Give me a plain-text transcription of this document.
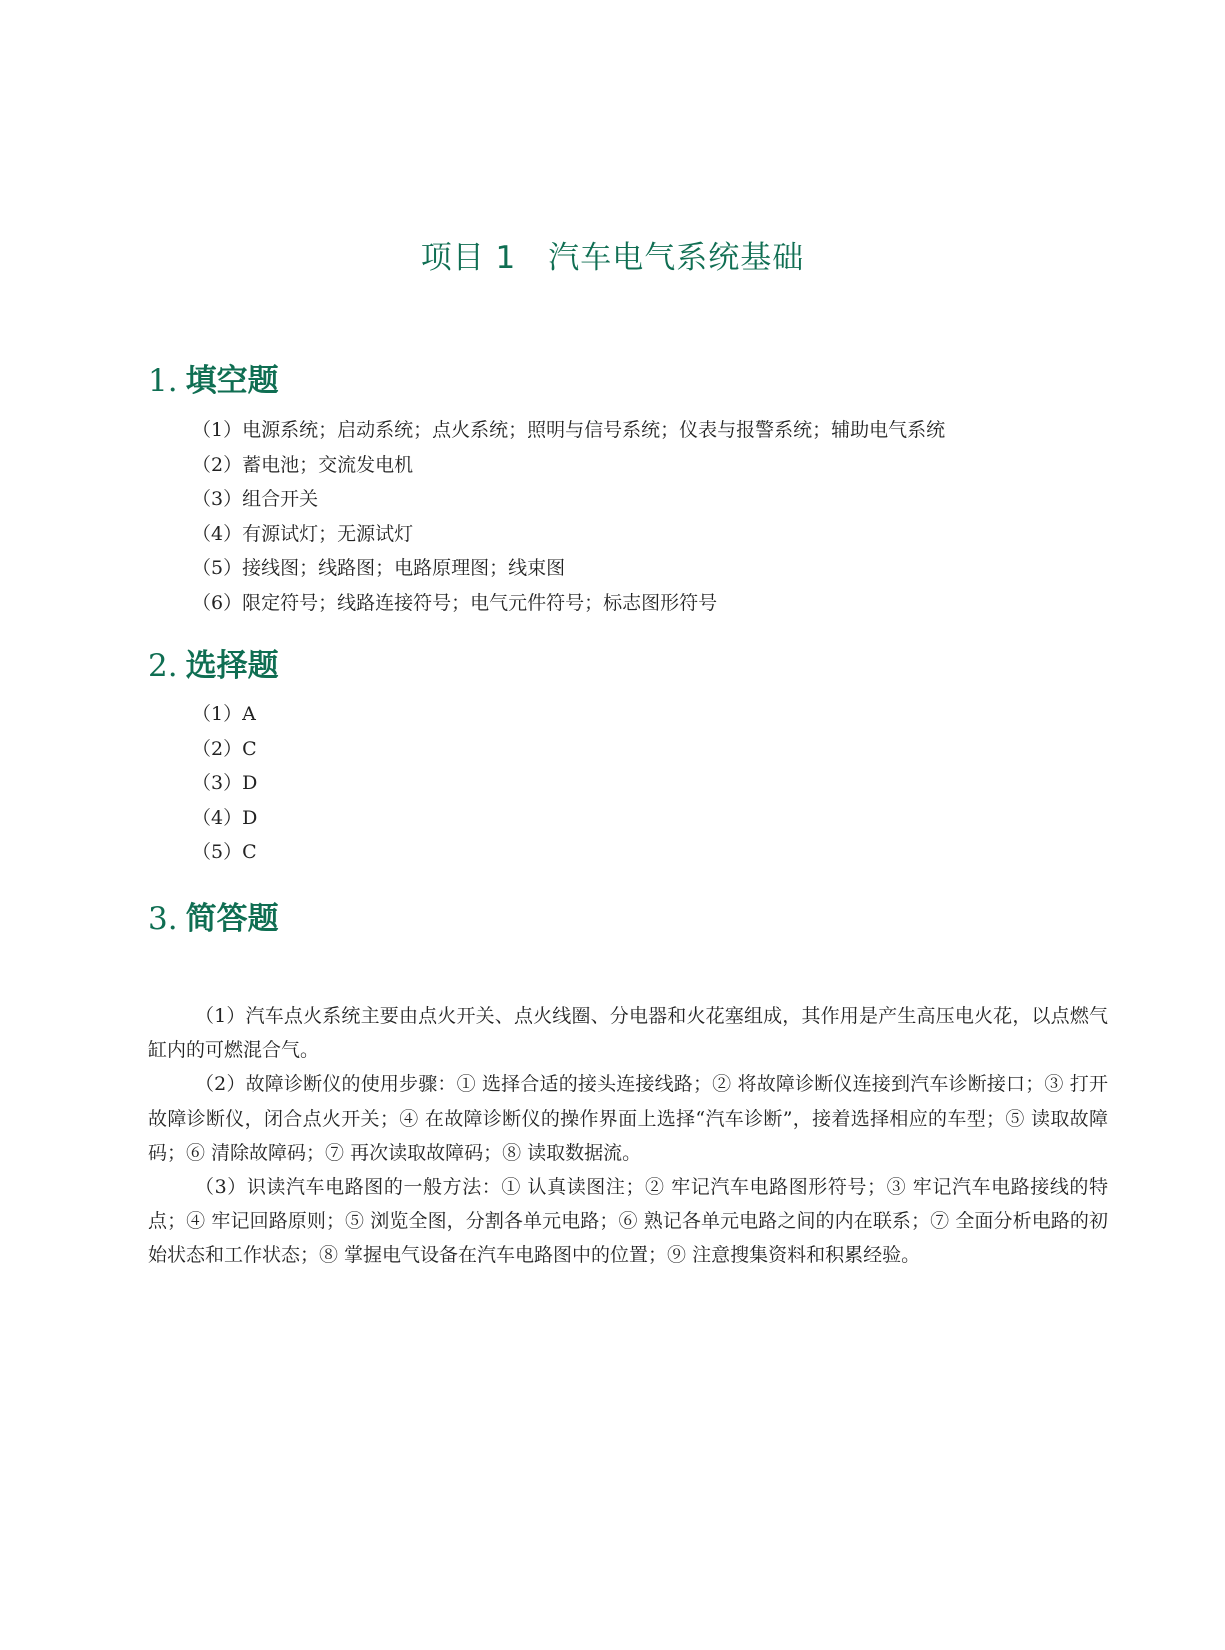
项目 1　汽车电气系统基础
1. 填空题
（1）电源系统；启动系统；点火系统；照明与信号系统；仪表与报警系统；辅助电气系统
（2）蓄电池；交流发电机
（3）组合开关
（4）有源试灯；无源试灯
（5）接线图；线路图；电路原理图；线束图
（6）限定符号；线路连接符号；电气元件符号；标志图形符号
2. 选择题
（1）A
（2）C
（3）D
（4）D
（5）C
3. 简答题

（1）汽车点火系统主要由点火开关、点火线圈、分电器和火花塞组成，其作用是产生高压电火花，以点燃气缸内的可燃混合气。

（2）故障诊断仪的使用步骤：① 选择合适的接头连接线路；② 将故障诊断仪连接到汽车诊断接口；③ 打开故障诊断仪，闭合点火开关；④ 在故障诊断仪的操作界面上选择“汽车诊断”，接着选择相应的车型；⑤ 读取故障码；⑥ 清除故障码；⑦ 再次读取故障码；⑧ 读取数据流。

（3）识读汽车电路图的一般方法：① 认真读图注；② 牢记汽车电路图形符号；③ 牢记汽车电路接线的特点；④ 牢记回路原则；⑤ 浏览全图，分割各单元电路；⑥ 熟记各单元电路之间的内在联系；⑦ 全面分析电路的初始状态和工作状态；⑧ 掌握电气设备在汽车电路图中的位置；⑨ 注意搜集资料和积累经验。
